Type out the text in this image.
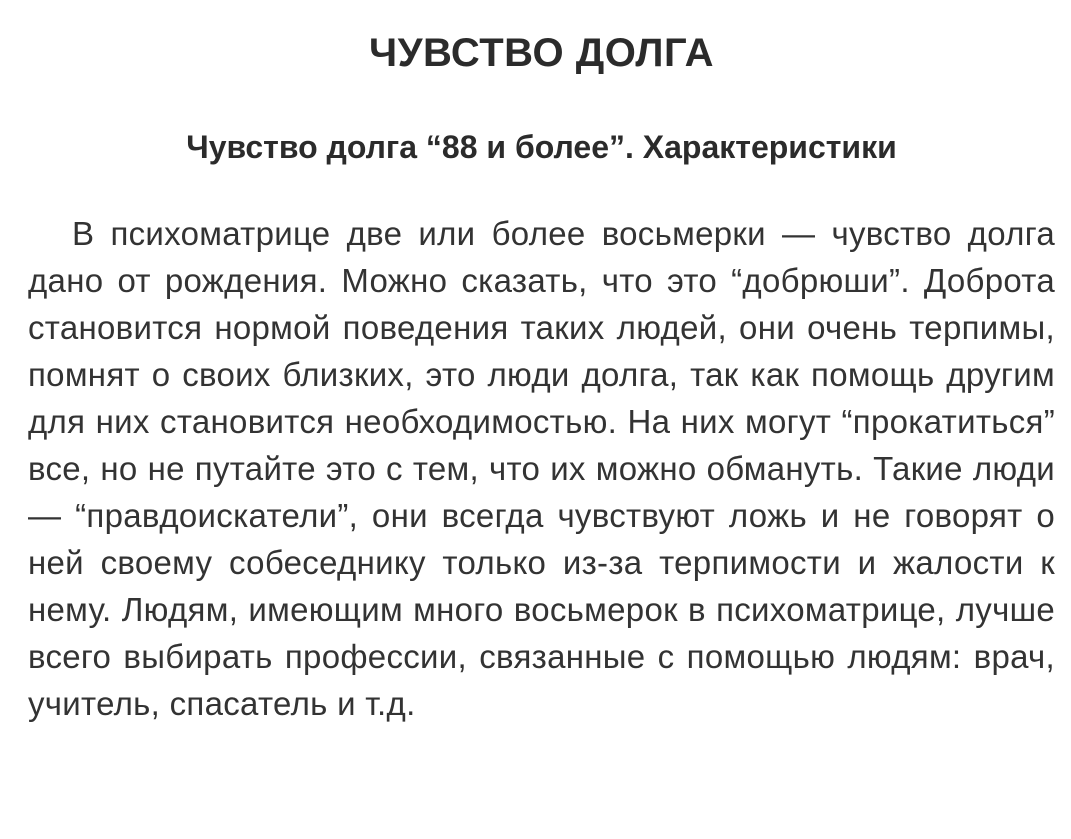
ЧУВСТВО ДОЛГА
Чувство долга “88 и более”. Характеристики

В психоматрице две или более восьмерки — чувство долга дано от рождения. Можно сказать, что это “добрюши”. Доброта становится нормой поведения таких людей, они очень терпимы, помнят о своих близких, это люди долга, так как помощь другим для них становится необходимостью. На них могут “прокатиться” все, но не путайте это с тем, что их можно обмануть. Такие люди — “правдоискатели”, они всегда чувствуют ложь и не говорят о ней своему собеседнику только из-за терпимости и жалости к нему. Людям, имеющим много восьмерок в психоматрице, лучше всего выбирать профессии, связанные с помощью людям: врач, учитель, спасатель и т.д.
